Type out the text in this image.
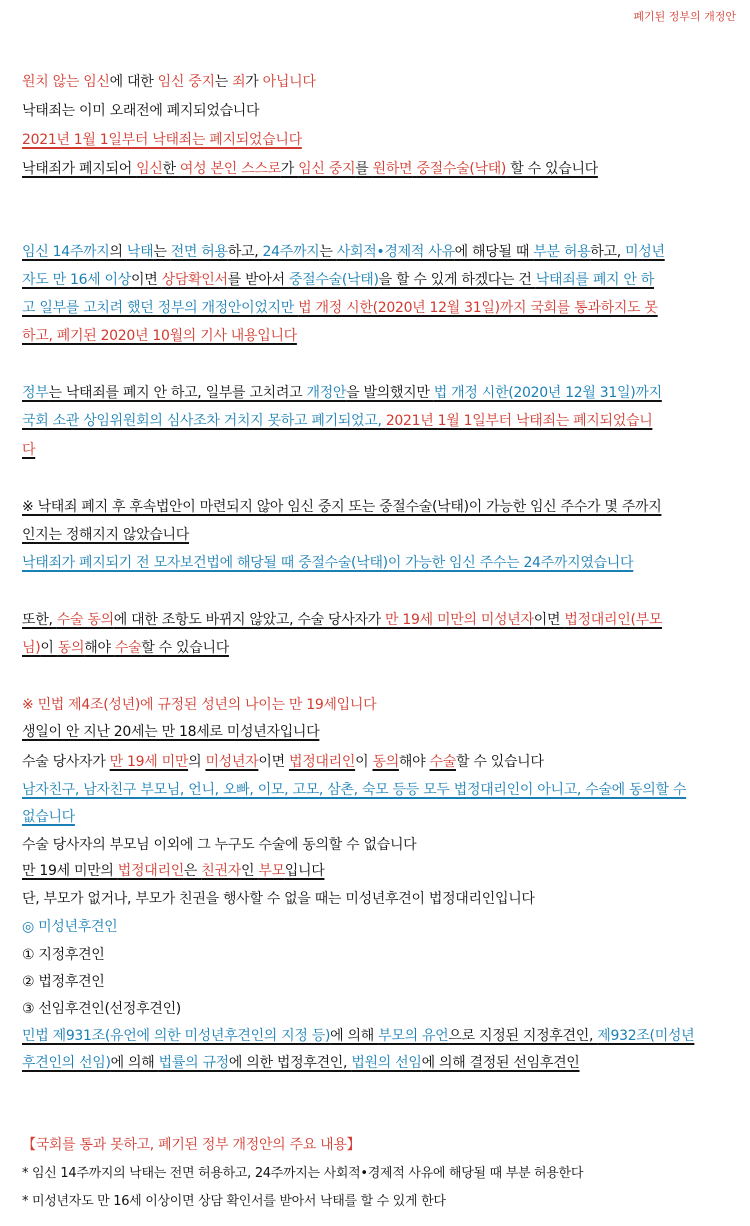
폐기된 정부의 개정안
원치 않는 임신에 대한 임신 중지는 죄가 아닙니다
낙태죄는 이미 오래전에 폐지되었습니다
2021년 1월 1일부터 낙태죄는 폐지되었습니다
낙태죄가 폐지되어 임신한 여성 본인 스스로가 임신 중지를 원하면 중절수술(낙태) 할 수 있습니다
임신 14주까지의 낙태는 전면 허용하고, 24주까지는 사회적•경제적 사유에 해당될 때 부분 허용하고, 미성년
자도 만 16세 이상이면 상담확인서를 받아서 중절수술(낙태)을 할 수 있게 하겠다는 건 낙태죄를 폐지 안 하
고 일부를 고치려 했던 정부의 개정안이었지만 법 개정 시한(2020년 12월 31일)까지 국회를 통과하지도 못
하고, 폐기된 2020년 10월의 기사 내용입니다
정부는 낙태죄를 폐지 안 하고, 일부를 고치려고 개정안을 발의했지만 법 개정 시한(2020년 12월 31일)까지
국회 소관 상임위원회의 심사조차 거치지 못하고 폐기되었고, 2021년 1월 1일부터 낙태죄는 폐지되었습니
다
※ 낙태죄 폐지 후 후속법안이 마련되지 않아 임신 중지 또는 중절수술(낙태)이 가능한 임신 주수가 몇 주까지
인지는 정해지지 않았습니다
낙태죄가 폐지되기 전 모자보건법에 해당될 때 중절수술(낙태)이 가능한 임신 주수는 24주까지였습니다
또한, 수술 동의에 대한 조항도 바뀌지 않았고, 수술 당사자가 만 19세 미만의 미성년자이면 법정대리인(부모
님)이 동의해야 수술할 수 있습니다
※ 민법 제4조(성년)에 규정된 성년의 나이는 만 19세입니다
생일이 안 지난 20세는 만 18세로 미성년자입니다
수술 당사자가 만 19세 미만의 미성년자이면 법정대리인이 동의해야 수술할 수 있습니다
남자친구, 남자친구 부모님, 언니, 오빠, 이모, 고모, 삼촌, 숙모 등등 모두 법정대리인이 아니고, 수술에 동의할 수
없습니다
수술 당사자의 부모님 이외에 그 누구도 수술에 동의할 수 없습니다
만 19세 미만의 법정대리인은 친권자인 부모입니다
단, 부모가 없거나, 부모가 친권을 행사할 수 없을 때는 미성년후견이 법정대리인입니다
◎ 미성년후견인
① 지정후견인
② 법정후견인
③ 선임후견인(선정후견인)
민법 제931조(유언에 의한 미성년후견인의 지정 등)에 의해 부모의 유언으로 지정된 지정후견인, 제932조(미성년
후견인의 선임)에 의해 법률의 규정에 의한 법정후견인, 법원의 선임에 의해 결정된 선임후견인
【국회를 통과 못하고, 폐기된 정부 개정안의 주요 내용】
* 임신 14주까지의 낙태는 전면 허용하고, 24주까지는 사회적•경제적 사유에 해당될 때 부분 허용한다
* 미성년자도 만 16세 이상이면 상담 확인서를 받아서 낙태를 할 수 있게 한다
